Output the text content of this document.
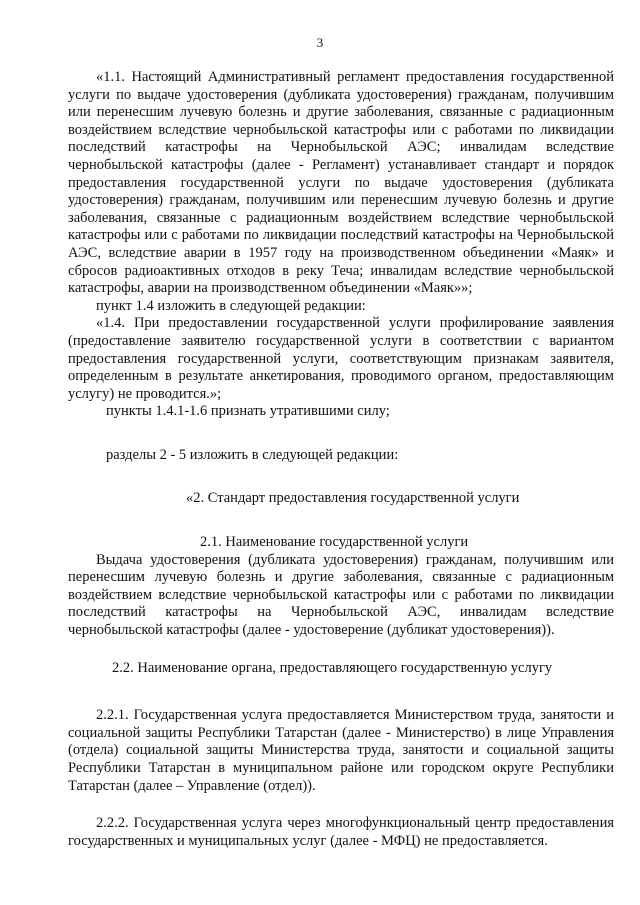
3

«1.1. Настоящий Административный регламент предоставления государственной услуги по выдаче удостоверения (дубликата удостоверения) гражданам, получившим или перенесшим лучевую болезнь и другие заболевания, связанные с радиационным воздействием вследствие чернобыльской катастрофы или с работами по ликвидации последствий катастрофы на Чернобыльской АЭС; инвалидам вследствие чернобыльской катастрофы (далее - Регламент) устанавливает стандарт и порядок предоставления государственной услуги по выдаче удостоверения (дубликата удостоверения) гражданам, получившим или перенесшим лучевую болезнь и другие заболевания, связанные с радиационным воздействием вследствие чернобыльской катастрофы или с работами по ликвидации последствий катастрофы на Чернобыльской АЭС, вследствие аварии в 1957 году на производственном объединении «Маяк» и сбросов радиоактивных отходов в реку Теча; инвалидам вследствие чернобыльской катастрофы, аварии на производственном объединении «Маяк»»;

пункт 1.4 изложить в следующей редакции:

«1.4. При предоставлении государственной услуги профилирование заявления (предоставление заявителю государственной услуги в соответствии с вариантом предоставления государственной услуги, соответствующим признакам заявителя, определенным в результате анкетирования, проводимого органом, предоставляющим услугу) не проводится.»;

пункты 1.4.1-1.6 признать утратившими силу;

разделы 2 - 5 изложить в следующей редакции:

«2. Стандарт предоставления государственной услуги

2.1. Наименование государственной услуги

Выдача удостоверения (дубликата удостоверения) гражданам, получившим или перенесшим лучевую болезнь и другие заболевания, связанные с радиационным воздействием вследствие чернобыльской катастрофы или с работами по ликвидации последствий катастрофы на Чернобыльской АЭС, инвалидам вследствие чернобыльской катастрофы (далее - удостоверение (дубликат удостоверения)).

2.2. Наименование органа, предоставляющего государственную услугу

2.2.1. Государственная услуга предоставляется Министерством труда, занятости и социальной защиты Республики Татарстан (далее - Министерство) в лице Управления (отдела) социальной защиты Министерства труда, занятости и социальной защиты Республики Татарстан в муниципальном районе или городском округе Республики Татарстан (далее – Управление (отдел)).

2.2.2. Государственная услуга через многофункциональный центр предоставления государственных и муниципальных услуг (далее - МФЦ) не предоставляется.
